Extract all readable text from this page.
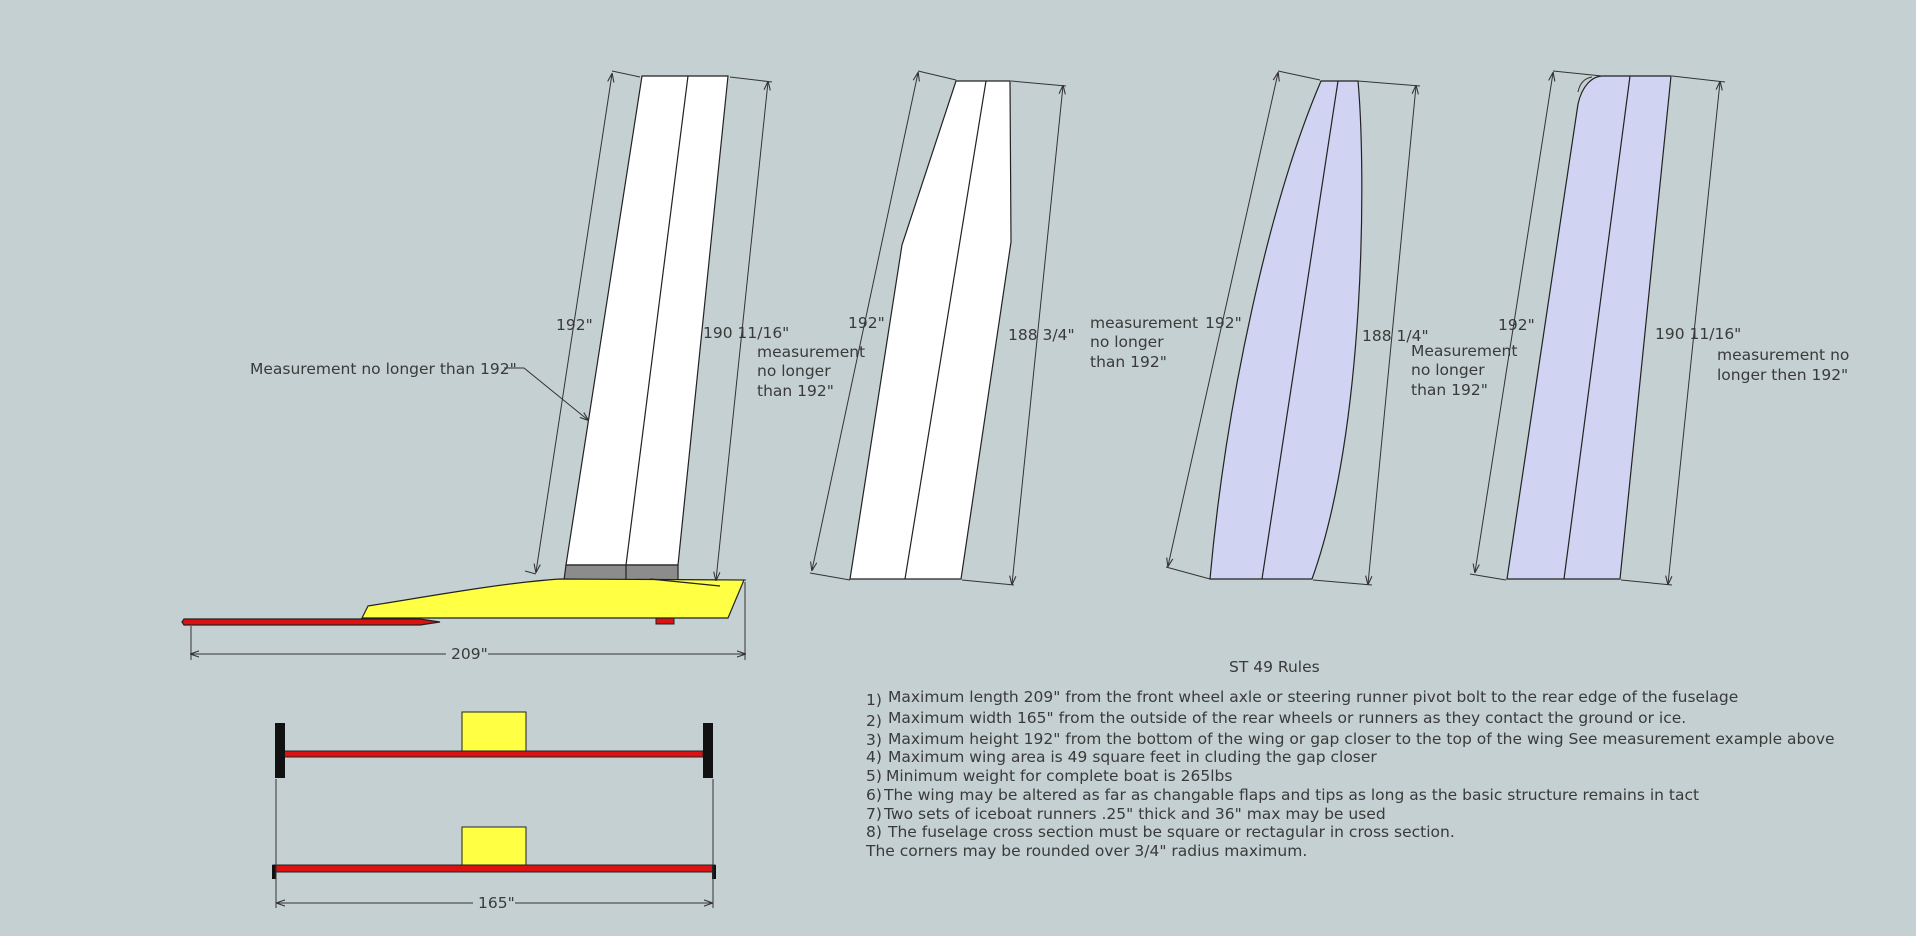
192"	190 11/16"
Measurement no longer than 192"
measurement
no longer
than 192"
209"
192"
188 3/4"
measurement
no longer
than 192"
192"
188 1/4"
Measurement
no longer
than 192"
192"	190 11/16"
measurement no
longer then 192"
165"
ST 49 Rules
1) Maximum length 209" from the front wheel axle or steering runner pivot bolt to the rear edge of the fuselage
2) Maximum width 165" from the outside of the rear wheels or runners as they contact the ground or ice.
3) Maximum height 192" from the bottom of the wing or gap closer to the top of the wing See measurement example above
4) Maximum wing area is 49 square feet in cluding the gap closer
5) Minimum weight for complete boat is 265lbs
6) The wing may be altered as far as changable flaps and tips as long as the basic structure remains in tact
7) Two sets of iceboat runners .25" thick and 36" max may be used
8) The fuselage cross section must be square or rectagular in cross section.
The corners may be rounded over 3/4" radius maximum.
